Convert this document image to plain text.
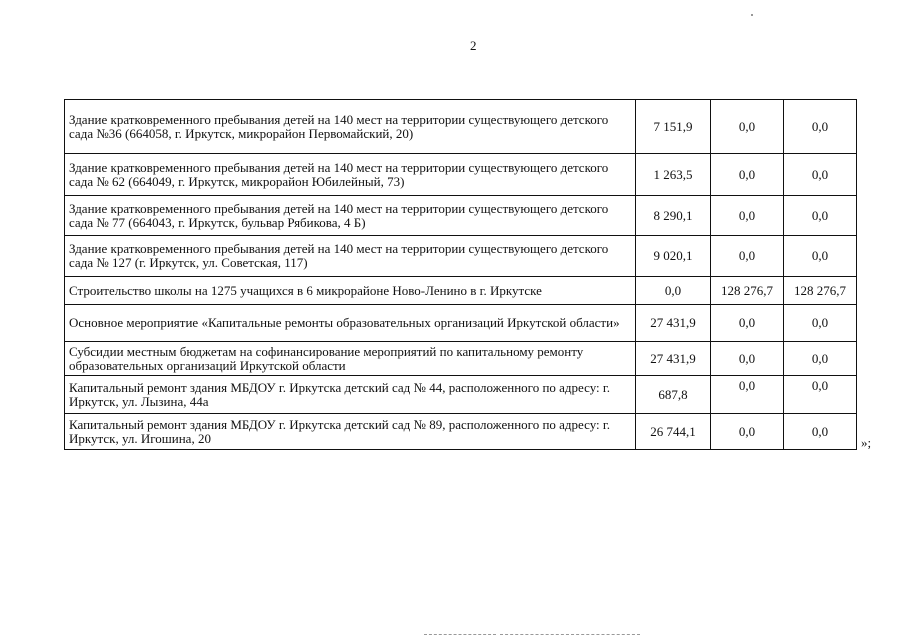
2
Здание кратковременного пребывания детей на 140 мест на территории существующего детского сада №36 (664058, г. Иркутск, микрорайон Первомайский, 20)	7 151,9	0,0	0,0
Здание кратковременного пребывания детей на 140 мест на территории существующего детского сада № 62 (664049, г. Иркутск, микрорайон Юбилейный, 73)	1 263,5	0,0	0,0
Здание кратковременного пребывания детей на 140 мест на территории существующего детского сада № 77 (664043, г. Иркутск, бульвар Рябикова, 4 Б)	8 290,1	0,0	0,0
Здание кратковременного пребывания детей на 140 мест на территории существующего детского сада № 127 (г. Иркутск, ул. Советская, 117)	9 020,1	0,0	0,0
Строительство школы на 1275 учащихся в 6 микрорайоне Ново-Ленино в г. Иркутске	0,0	128 276,7	128 276,7
Основное мероприятие «Капитальные ремонты образовательных организаций Иркутской области»	27 431,9	0,0	0,0
Субсидии местным бюджетам на софинансирование мероприятий по капитальному ремонту образовательных организаций Иркутской области	27 431,9	0,0	0,0
Капитальный ремонт здания МБДОУ г. Иркутска детский сад № 44, расположенного по адресу: г. Иркутск, ул. Лызина, 44а	687,8	0,0	0,0
Капитальный ремонт здания МБДОУ г. Иркутска детский сад № 89, расположенного по адресу: г. Иркутск, ул. Игошина, 20	26 744,1	0,0	0,0
»;
